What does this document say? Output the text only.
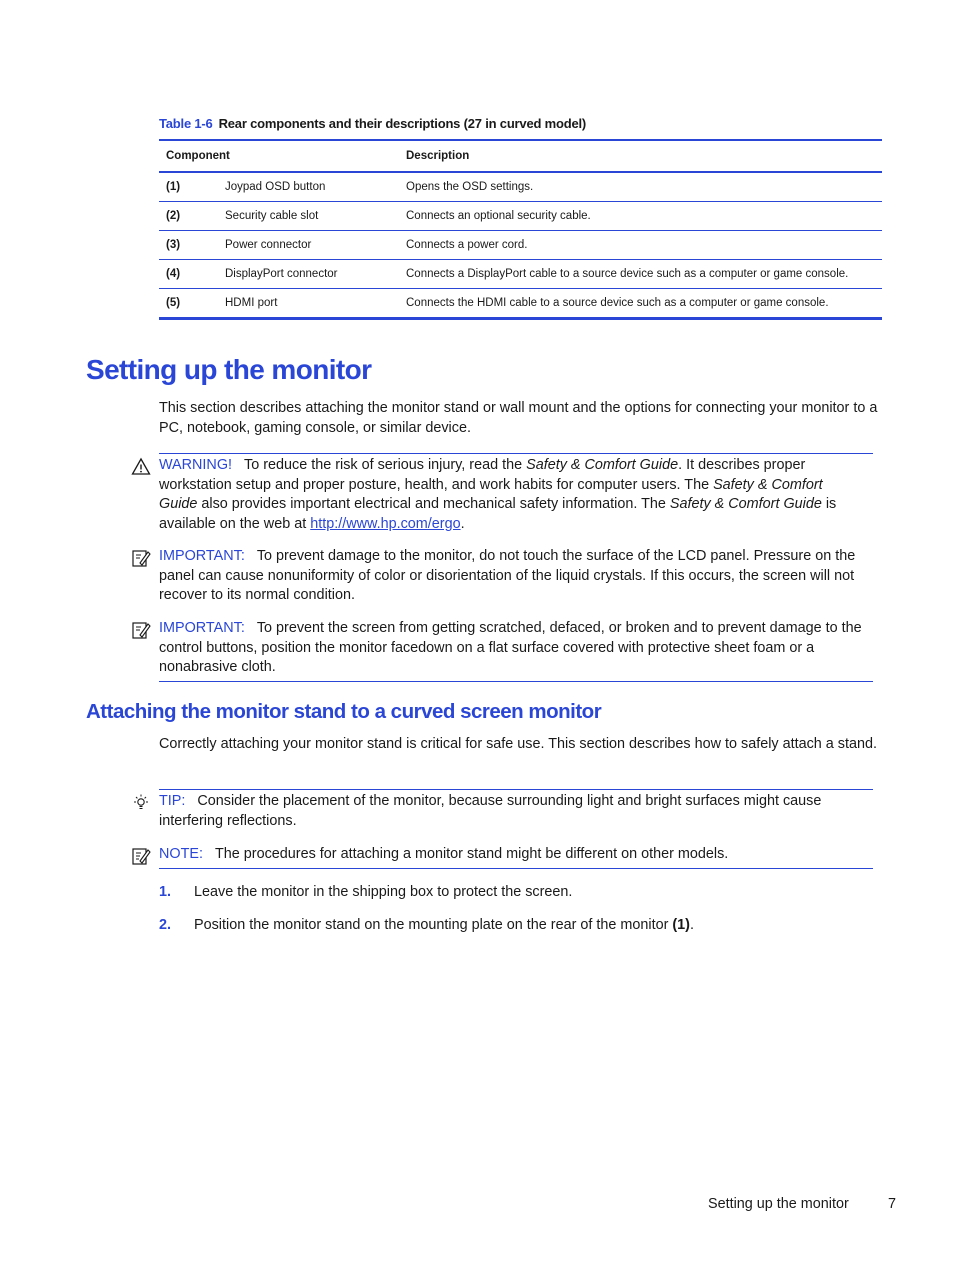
Table 1-6 Rear components and their descriptions (27 in curved model)
Component		Description
(1)	Joypad OSD button	Opens the OSD settings.
(2)	Security cable slot	Connects an optional security cable.
(3)	Power connector	Connects a power cord.
(4)	DisplayPort connector	Connects a DisplayPort cable to a source device such as a computer or game console.
(5)	HDMI port	Connects the HDMI cable to a source device such as a computer or game console.
Setting up the monitor
This section describes attaching the monitor stand or wall mount and the options for connecting your monitor to a PC, notebook, gaming console, or similar device.
WARNING! To reduce the risk of serious injury, read the Safety & Comfort Guide. It describes proper workstation setup and proper posture, health, and work habits for computer users. The Safety & Comfort Guide also provides important electrical and mechanical safety information. The Safety & Comfort Guide is available on the web at http://www.hp.com/ergo.
IMPORTANT: To prevent damage to the monitor, do not touch the surface of the LCD panel. Pressure on the panel can cause nonuniformity of color or disorientation of the liquid crystals. If this occurs, the screen will not recover to its normal condition.
IMPORTANT: To prevent the screen from getting scratched, defaced, or broken and to prevent damage to the control buttons, position the monitor facedown on a flat surface covered with protective sheet foam or a nonabrasive cloth.
Attaching the monitor stand to a curved screen monitor
Correctly attaching your monitor stand is critical for safe use. This section describes how to safely attach a stand.
TIP: Consider the placement of the monitor, because surrounding light and bright surfaces might cause interfering reflections.
NOTE: The procedures for attaching a monitor stand might be different on other models.
1. Leave the monitor in the shipping box to protect the screen.
2. Position the monitor stand on the mounting plate on the rear of the monitor (1).
Setting up the monitor	7
